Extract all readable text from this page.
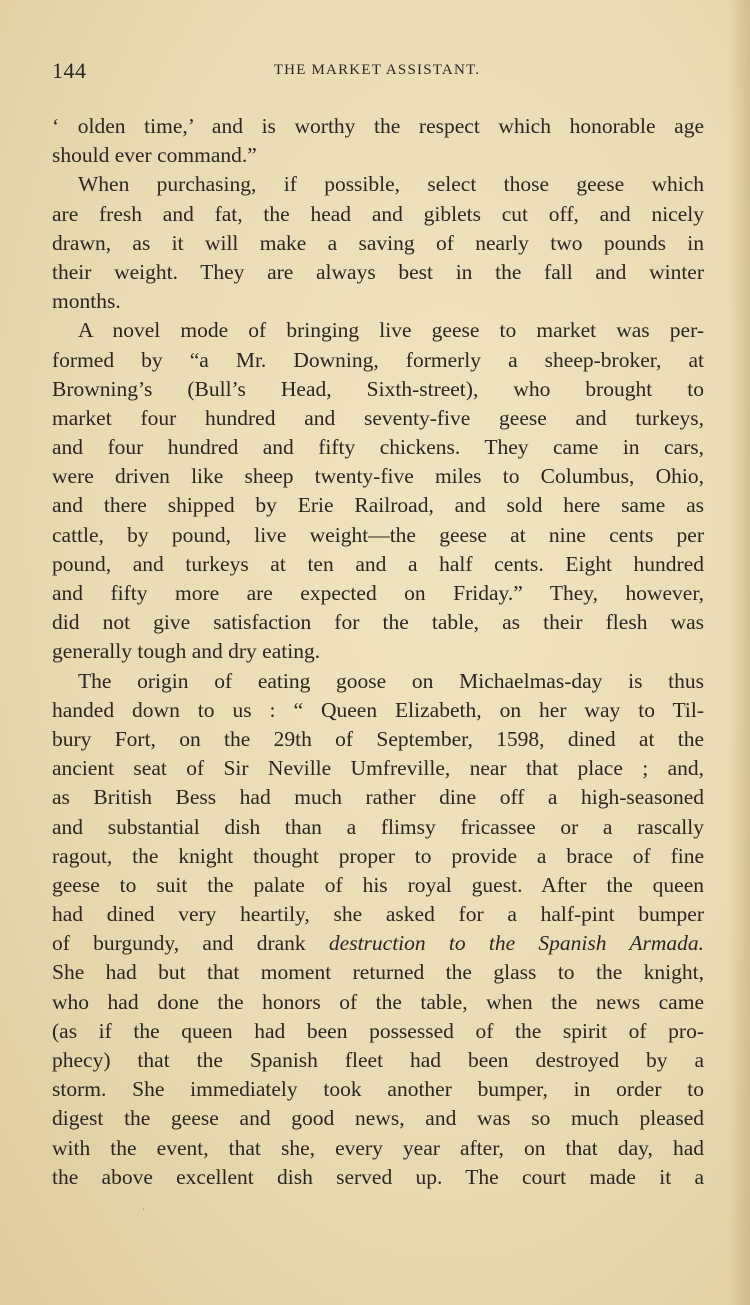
144	THE MARKET ASSISTANT.
‘ olden time,’ and is worthy the respect which honorable age
should ever command.”
When purchasing, if possible, select those geese which
are fresh and fat, the head and giblets cut off, and nicely
drawn, as it will make a saving of nearly two pounds in
their weight. They are always best in the fall and winter
months.
A novel mode of bringing live geese to market was per-
formed by “a Mr. Downing, formerly a sheep-broker, at
Browning’s (Bull’s Head, Sixth-street), who brought to
market four hundred and seventy-five geese and turkeys,
and four hundred and fifty chickens. They came in cars,
were driven like sheep twenty-five miles to Columbus, Ohio,
and there shipped by Erie Railroad, and sold here same as
cattle, by pound, live weight—the geese at nine cents per
pound, and turkeys at ten and a half cents. Eight hundred
and fifty more are expected on Friday.” They, however,
did not give satisfaction for the table, as their flesh was
generally tough and dry eating.
The origin of eating goose on Michaelmas-day is thus
handed down to us : “ Queen Elizabeth, on her way to Til-
bury Fort, on the 29th of September, 1598, dined at the
ancient seat of Sir Neville Umfreville, near that place ; and,
as British Bess had much rather dine off a high-seasoned
and substantial dish than a flimsy fricassee or a rascally
ragout, the knight thought proper to provide a brace of fine
geese to suit the palate of his royal guest. After the queen
had dined very heartily, she asked for a half-pint bumper
of burgundy, and drank destruction to the Spanish Armada.
She had but that moment returned the glass to the knight,
who had done the honors of the table, when the news came
(as if the queen had been possessed of the spirit of pro-
phecy) that the Spanish fleet had been destroyed by a
storm. She immediately took another bumper, in order to
digest the geese and good news, and was so much pleased
with the event, that she, every year after, on that day, had
the above excellent dish served up. The court made it a
·
